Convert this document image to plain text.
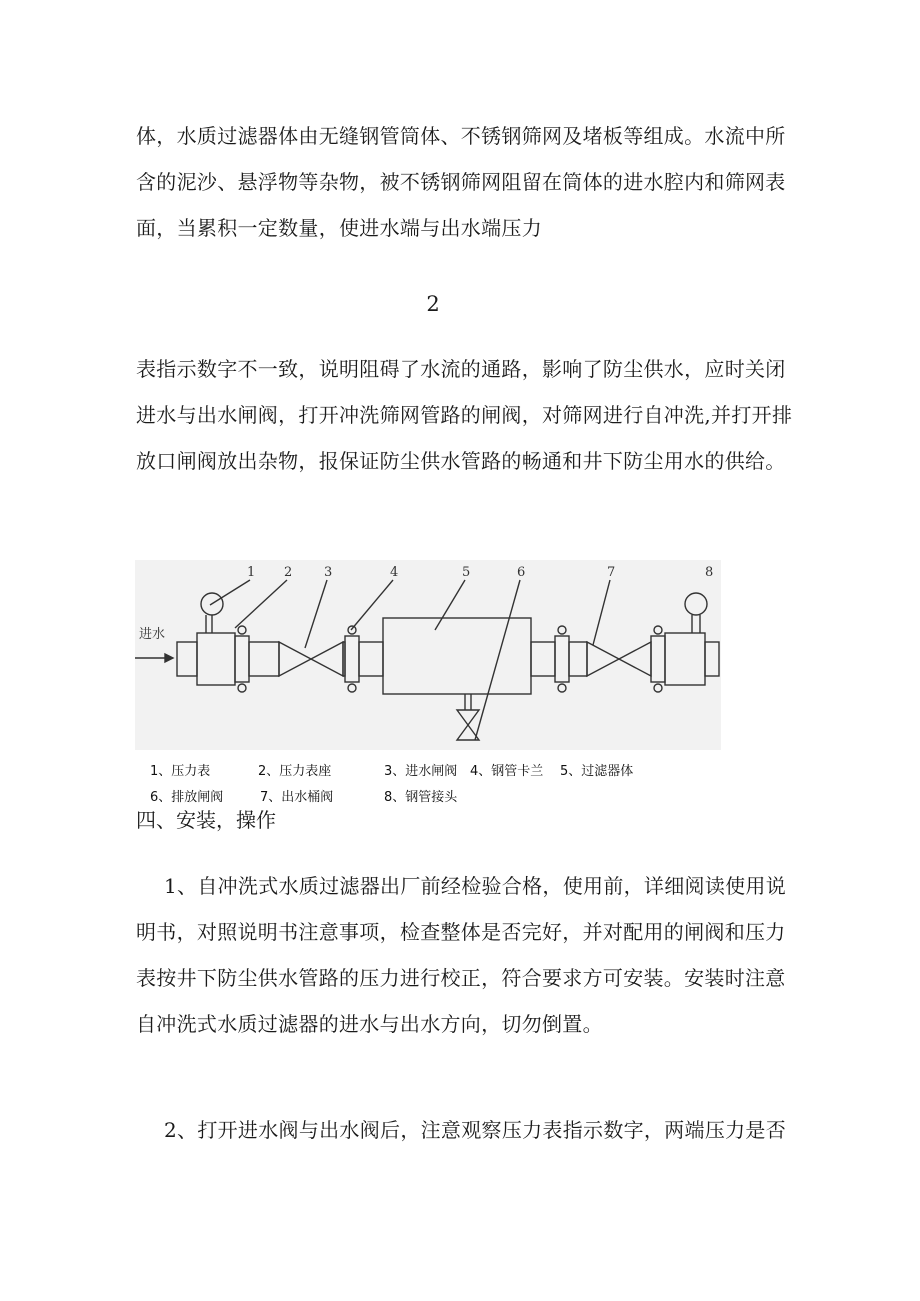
体，水质过滤器体由无缝钢管筒体、不锈钢筛网及堵板等组成。水流中所
含的泥沙、悬浮物等杂物，被不锈钢筛网阻留在筒体的进水腔内和筛网表
面，当累积一定数量，使进水端与出水端压力

2

表指示数字不一致，说明阻碍了水流的通路，影响了防尘供水，应时关闭
进水与出水闸阀，打开冲洗筛网管路的闸阀，对筛网进行自冲洗,并打开排
放口闸阀放出杂物，报保证防尘供水管路的畅通和井下防尘用水的供给。

进水
1 2 3	4	5	6	7	8
1、压力表	2、压力表座	3、进水闸阀 4、钢管卡兰 5、过滤器体
6、排放闸阀	7、出水桶阀	8、钢管接头
四、安装，操作

1、自冲洗式水质过滤器出厂前经检验合格，使用前，详细阅读使用说
明书，对照说明书注意事项，检查整体是否完好，并对配用的闸阀和压力
表按井下防尘供水管路的压力进行校正，符合要求方可安装。安装时注意
自冲洗式水质过滤器的进水与出水方向，切勿倒置。

2、打开进水阀与出水阀后，注意观察压力表指示数字，两端压力是否
